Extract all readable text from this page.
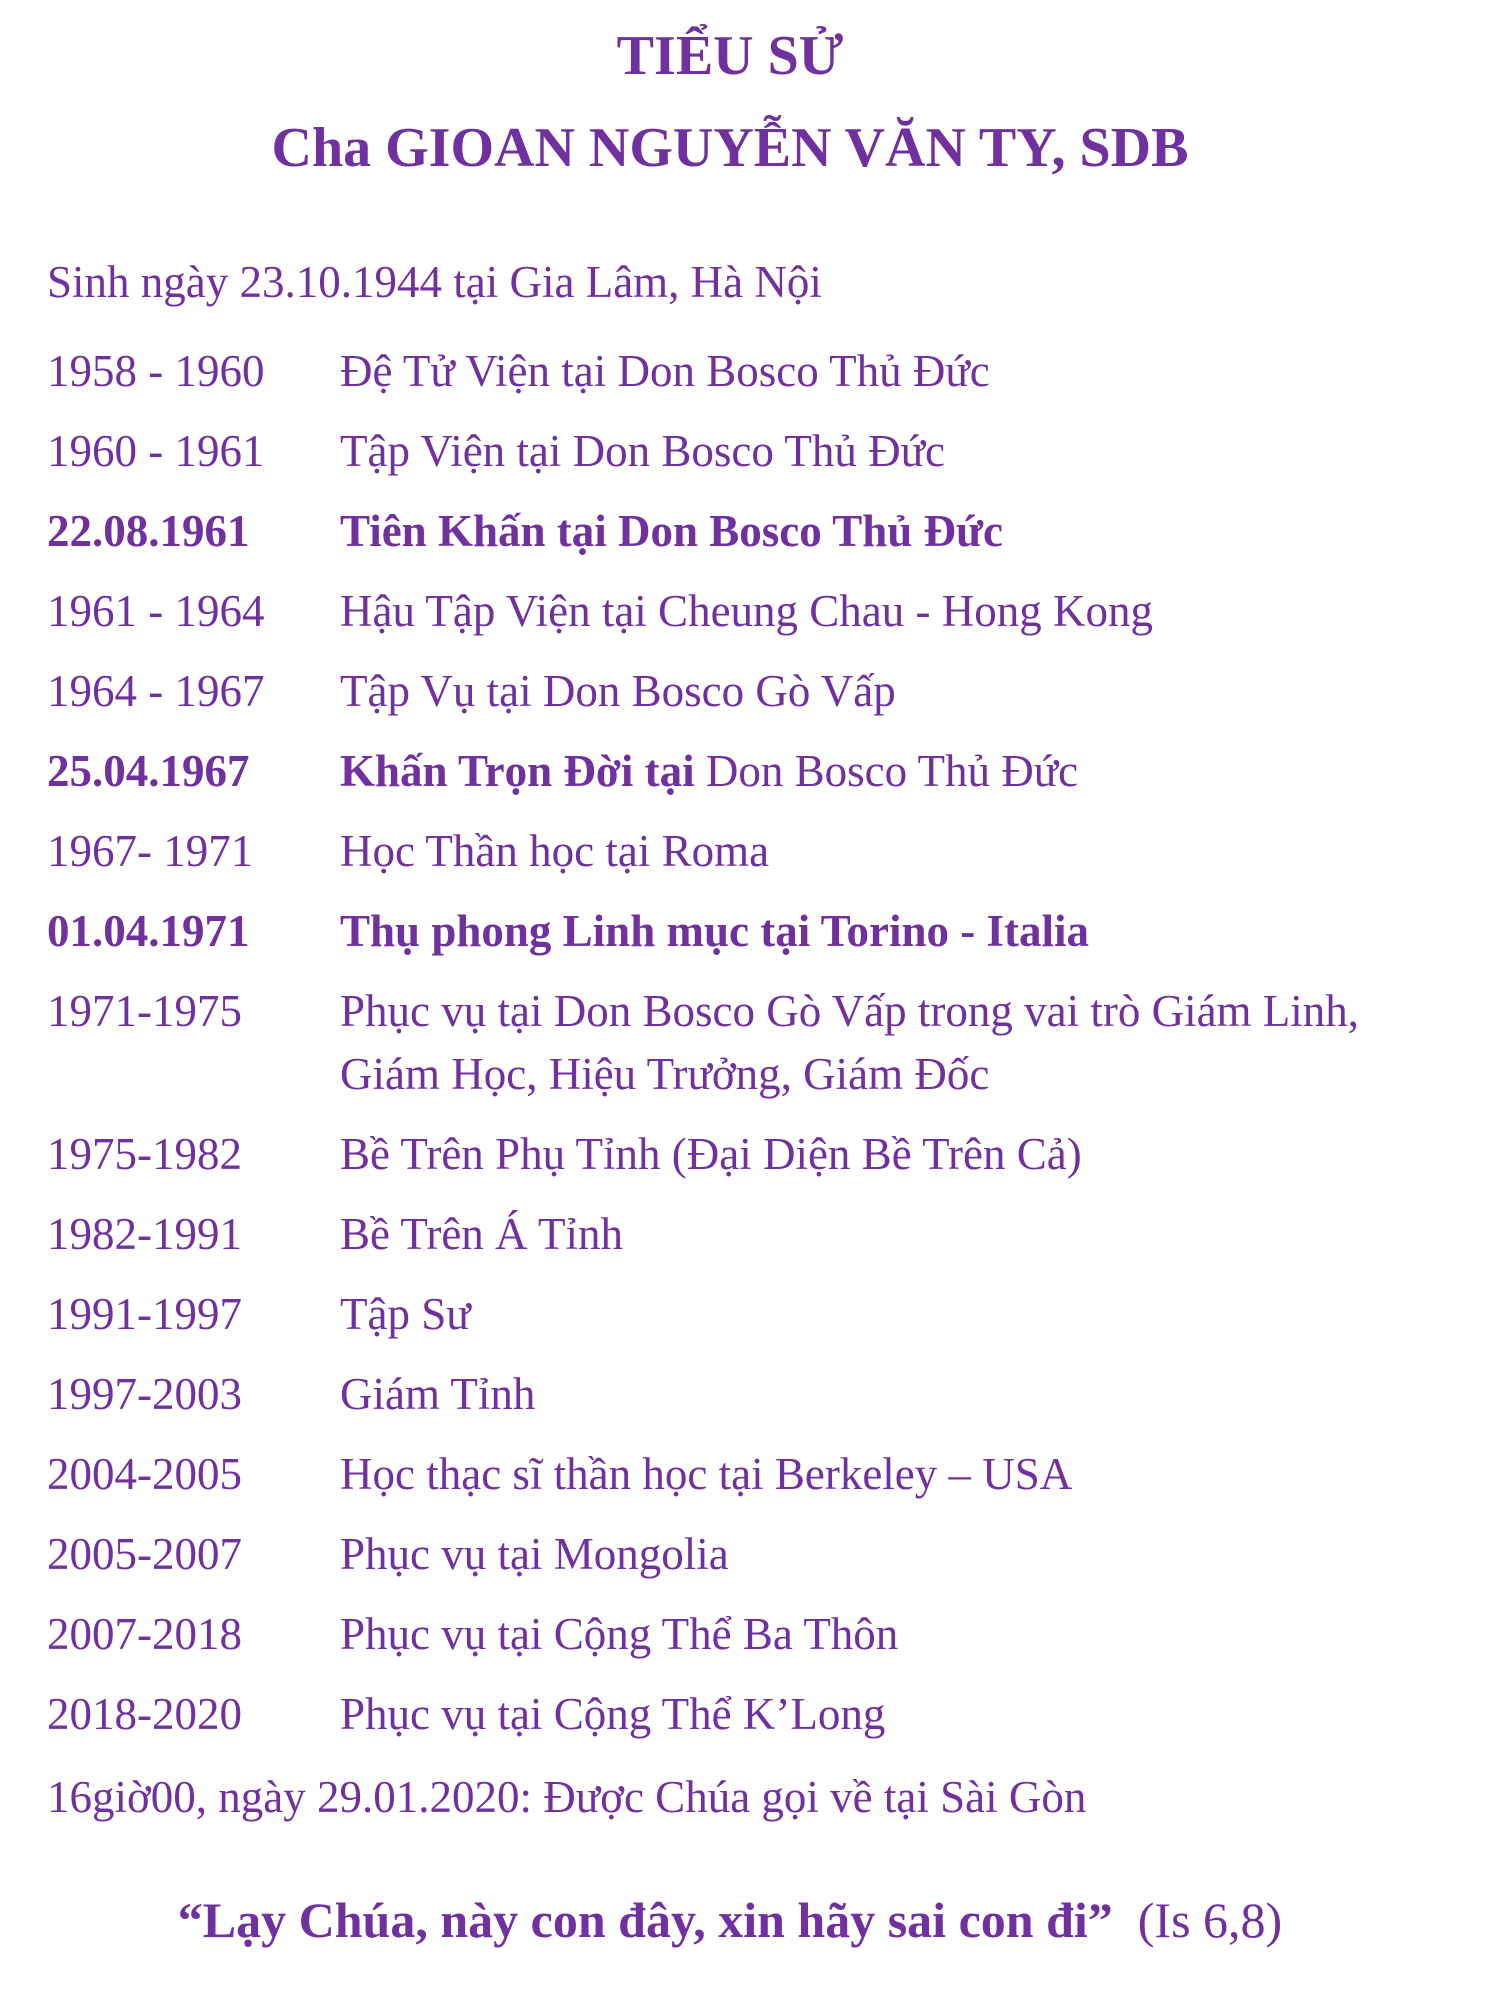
TIỂU SỬ
Cha GIOAN NGUYỄN VĂN TY, SDB
Sinh ngày 23.10.1944 tại Gia Lâm, Hà Nội
1958 - 1960	Đệ Tử Viện tại Don Bosco Thủ Đức
1960 - 1961	Tập Viện tại Don Bosco Thủ Đức
22.08.1961	Tiên Khấn tại Don Bosco Thủ Đức
1961 - 1964	Hậu Tập Viện tại Cheung Chau - Hong Kong
1964 - 1967	Tập Vụ tại Don Bosco Gò Vấp
25.04.1967	Khấn Trọn Đời tại Don Bosco Thủ Đức
1967- 1971	Học Thần học tại Roma
01.04.1971	Thụ phong Linh mục tại Torino - Italia
1971-1975	Phục vụ tại Don Bosco Gò Vấp trong vai trò Giám Linh, Giám Học, Hiệu Trưởng, Giám Đốc
1975-1982	Bề Trên Phụ Tỉnh (Đại Diện Bề Trên Cả)
1982-1991	Bề Trên Á Tỉnh
1991-1997	Tập Sư
1997-2003	Giám Tỉnh
2004-2005	Học thạc sĩ thần học tại Berkeley – USA
2005-2007	Phục vụ tại Mongolia
2007-2018	Phục vụ tại Cộng Thể Ba Thôn
2018-2020	Phục vụ tại Cộng Thể K’Long
16giờ00, ngày 29.01.2020: Được Chúa gọi về tại Sài Gòn
“Lạy Chúa, này con đây, xin hãy sai con đi” (Is 6,8)
